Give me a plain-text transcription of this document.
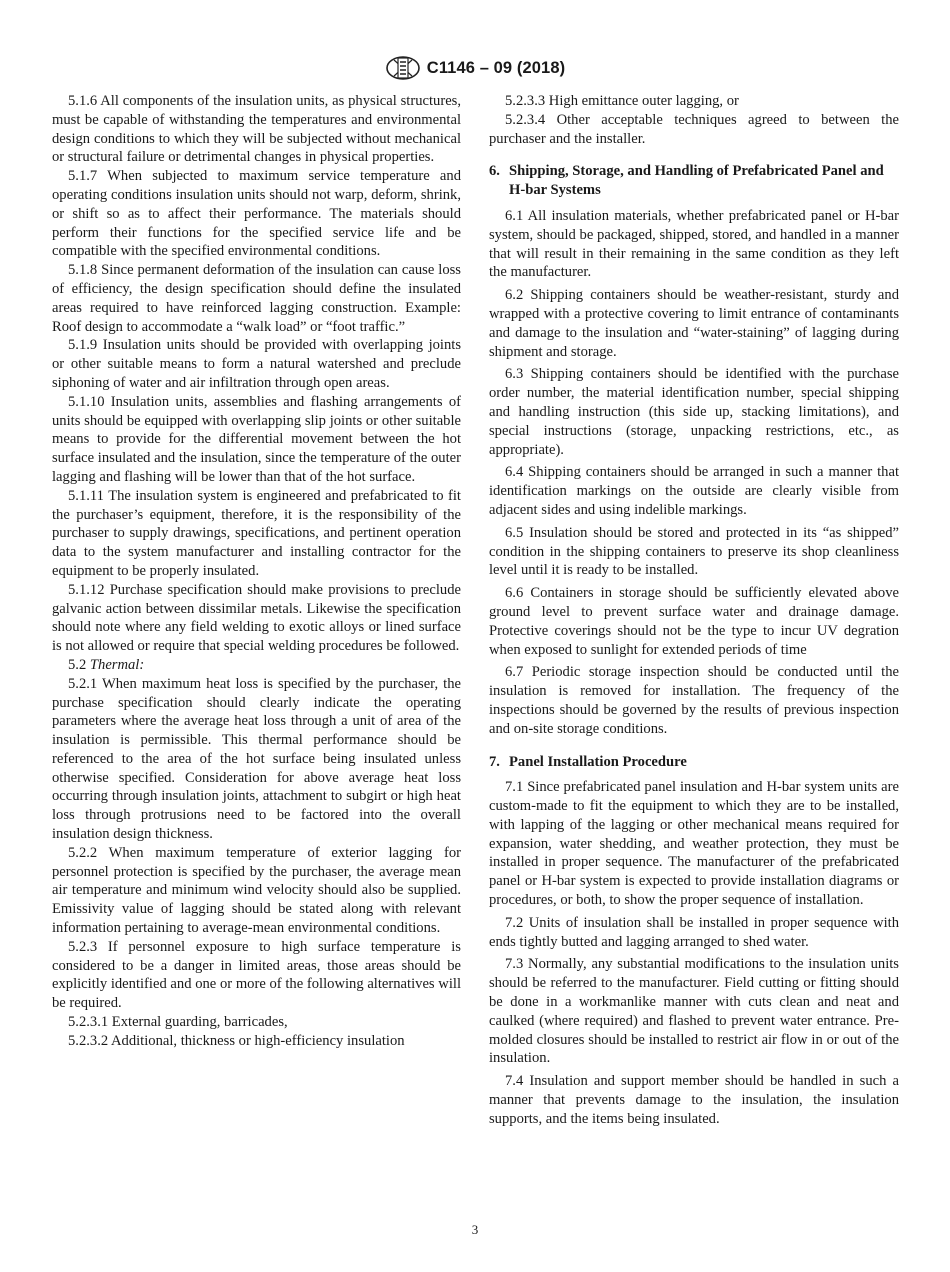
C1146 – 09 (2018)

5.1.6 All components of the insulation units, as physical structures, must be capable of withstanding the temperatures and environmental design conditions to which they will be subjected without mechanical or structural failure or detrimental changes in physical properties.

5.1.7 When subjected to maximum service temperature and operating conditions insulation units should not warp, deform, shrink, or shift so as to affect their performance. The materials should perform their functions for the specified service life and be compatible with the specified environmental conditions.

5.1.8 Since permanent deformation of the insulation can cause loss of efficiency, the design specification should define the insulated areas required to have reinforced lagging construction. Example: Roof design to accommodate a “walk load” or “foot traffic.”

5.1.9 Insulation units should be provided with overlapping joints or other suitable means to form a natural watershed and preclude siphoning of water and air infiltration through open areas.

5.1.10 Insulation units, assemblies and flashing arrangements of units should be equipped with overlapping slip joints or other suitable means to provide for the differential movement between the hot surface insulated and the insulation, since the temperature of the outer lagging and flashing will be lower than that of the hot surface.

5.1.11 The insulation system is engineered and prefabricated to fit the purchaser’s equipment, therefore, it is the responsibility of the purchaser to supply drawings, specifications, and pertinent operation data to the system manufacturer and installing contractor for the equipment to be properly insulated.

5.1.12 Purchase specification should make provisions to preclude galvanic action between dissimilar metals. Likewise the specification should note where any field welding to exotic alloys or lined surface is not allowed or require that special welding procedures be followed.

5.2 Thermal:

5.2.1 When maximum heat loss is specified by the purchaser, the purchase specification should clearly indicate the operating parameters where the average heat loss through a unit of area of the insulation is permissible. This thermal performance should be referenced to the area of the hot surface being insulated unless otherwise specified. Consideration for above average heat loss occurring through insulation joints, attachment to subgirt or high heat loss through protrusions need to be factored into the overall insulation design thickness.

5.2.2 When maximum temperature of exterior lagging for personnel protection is specified by the purchaser, the average mean air temperature and minimum wind velocity should also be supplied. Emissivity value of lagging should be stated along with relevant information pertaining to average-mean environmental conditions.

5.2.3 If personnel exposure to high surface temperature is considered to be a danger in limited areas, those areas should be explicitly identified and one or more of the following alternatives will be required.

5.2.3.1 External guarding, barricades,

5.2.3.2 Additional, thickness or high-efficiency insulation

5.2.3.3 High emittance outer lagging, or

5.2.3.4 Other acceptable techniques agreed to between the purchaser and the installer.

6. Shipping, Storage, and Handling of Prefabricated Panel and H-bar Systems

6.1 All insulation materials, whether prefabricated panel or H-bar system, should be packaged, shipped, stored, and handled in a manner that will result in their remaining in the same condition as they left the manufacturer.

6.2 Shipping containers should be weather-resistant, sturdy and wrapped with a protective covering to limit entrance of contaminants and damage to the insulation and “water-staining” of lagging during shipment and storage.

6.3 Shipping containers should be identified with the purchase order number, the material identification number, special shipping and handling instruction (this side up, stacking limitations), and special instructions (storage, unpacking restrictions, etc., as appropriate).

6.4 Shipping containers should be arranged in such a manner that identification markings on the outside are clearly visible from adjacent sides and using indelible markings.

6.5 Insulation should be stored and protected in its “as shipped” condition in the shipping containers to preserve its shop cleanliness level until it is ready to be installed.

6.6 Containers in storage should be sufficiently elevated above ground level to prevent surface water and drainage damage. Protective coverings should not be the type to incur UV degration when exposed to sunlight for extended periods of time

6.7 Periodic storage inspection should be conducted until the insulation is removed for installation. The frequency of the inspections should be governed by the results of previous inspection and on-site storage conditions.

7. Panel Installation Procedure

7.1 Since prefabricated panel insulation and H-bar system units are custom-made to fit the equipment to which they are to be installed, with lapping of the lagging or other mechanical means required for expansion, water shedding, and weather protection, they must be installed in proper sequence. The manufacturer of the prefabricated panel or H-bar system is expected to provide installation diagrams or procedures, or both, to show the proper sequence of installation.

7.2 Units of insulation shall be installed in proper sequence with ends tightly butted and lagging arranged to shed water.

7.3 Normally, any substantial modifications to the insulation units should be referred to the manufacturer. Field cutting or fitting should be done in a workmanlike manner with cuts clean and neat and caulked (where required) and flashed to prevent water entrance. Pre-molded closures should be installed to restrict air flow in or out of the insulation.

7.4 Insulation and support member should be handled in such a manner that prevents damage to the insulation, the insulation supports, and the items being insulated.

3
